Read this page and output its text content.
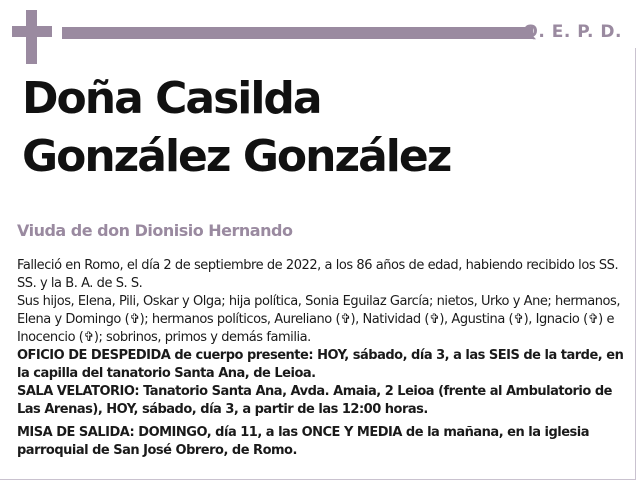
Q. E. P. D.
Doña Casilda
González González
Viuda de don Dionisio Hernando

Falleció en Romo, el día 2 de septiembre de 2022, a los 86 años de edad, habiendo recibido los SS. SS. y la B. A. de S. S.

Sus hijos, Elena, Pili, Oskar y Olga; hija política, Sonia Eguilaz García; nietos, Urko y Ane; hermanos, Elena y Domingo (✞); hermanos políticos, Aureliano (✞), Natividad (✞), Agustina (✞), Ignacio (✞) e Inocencio (✞); sobrinos, primos y demás familia.

OFICIO DE DESPEDIDA de cuerpo presente: HOY, sábado, día 3, a las SEIS de la tarde, en la capilla del tanatorio Santa Ana, de Leioa.

SALA VELATORIO: Tanatorio Santa Ana, Avda. Amaia, 2 Leioa (frente al Ambulatorio de Las Arenas), HOY, sábado, día 3, a partir de las 12:00 horas.

MISA DE SALIDA: DOMINGO, día 11, a las ONCE Y MEDIA de la mañana, en la iglesia parroquial de San José Obrero, de Romo.
